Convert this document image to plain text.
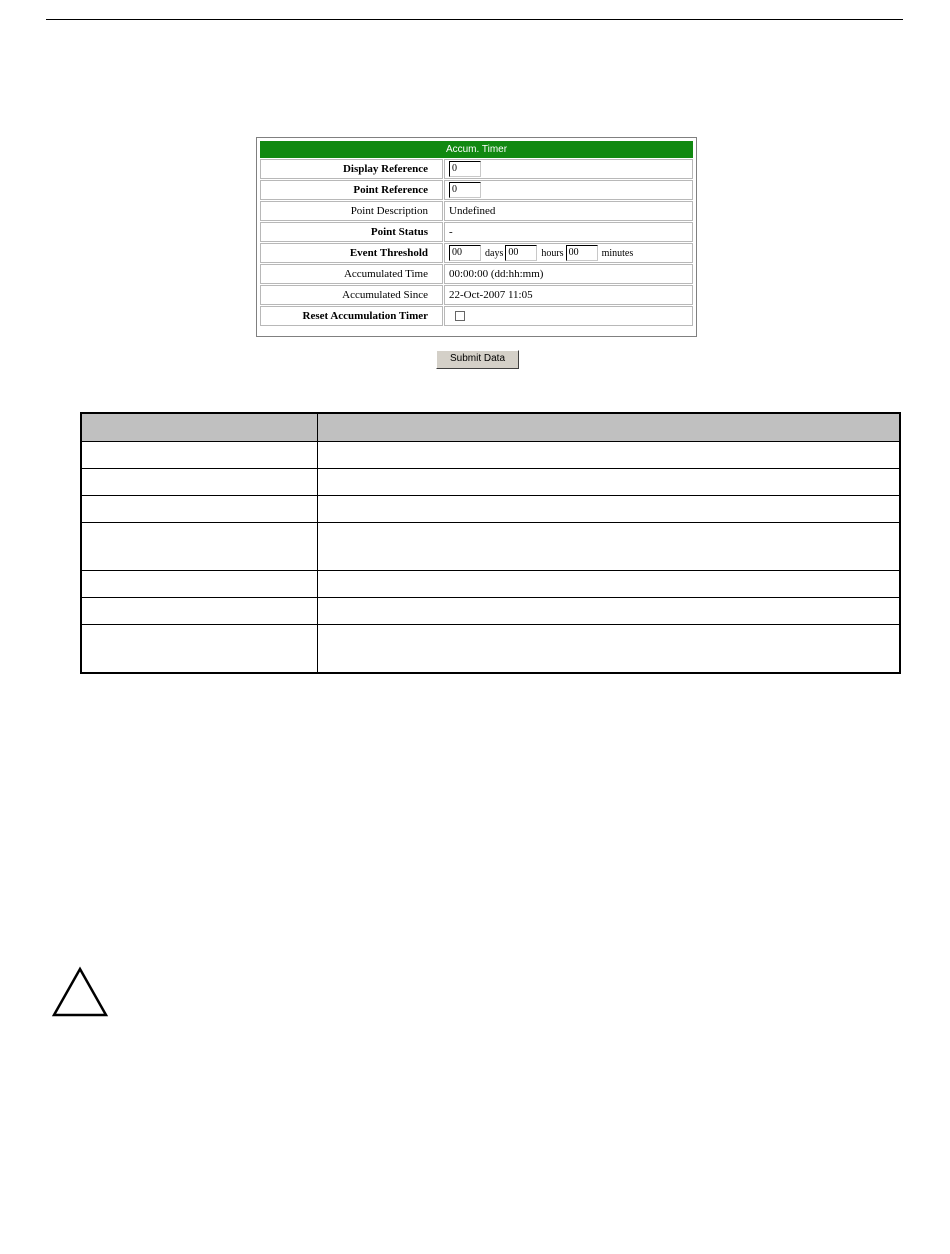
Accum. Timer	
Display Reference	0
Point Reference	0
Point Description	Undefined
Point Status	-
Event Threshold	00 days 00 hours 00 minutes
Accumulated Time	00:00:00 (dd:hh:mm)
Accumulated Since	22-Oct-2007 11:05
Reset Accumulation Timer	
Submit Data
